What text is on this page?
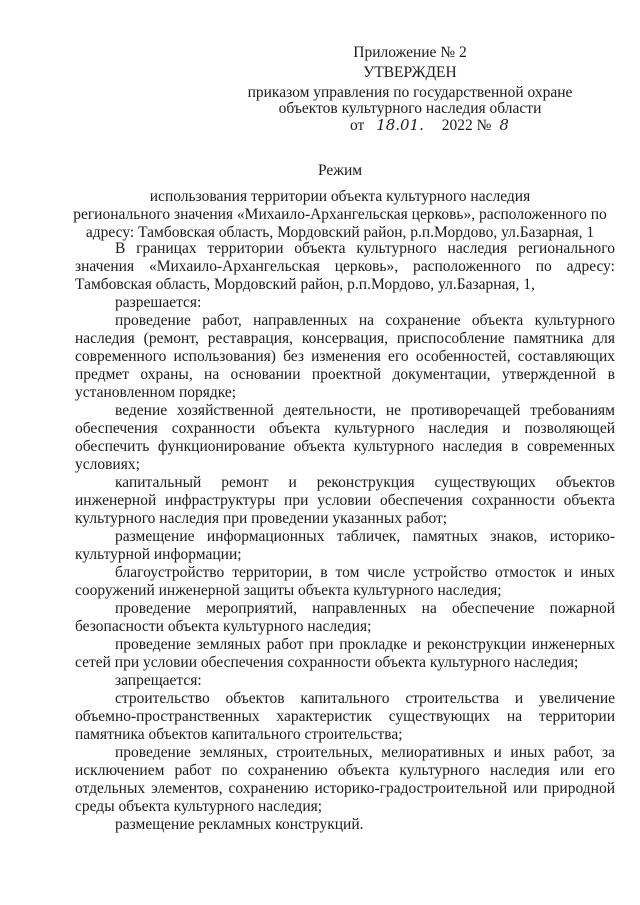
Приложение № 2
УТВЕРЖДЕН
приказом управления по государственной охране
объектов культурного наследия области
от 18.01. 2022 № 8
Режим
использования территории объекта культурного наследия
регионального значения «Михаило-Архангельская церковь», расположенного по
адресу: Тамбовская область, Мордовский район, р.п.Мордово, ул.Базарная, 1

В границах территории объекта культурного наследия регионального значения «Михаило-Архангельская церковь», расположенного по адресу: Тамбовская область, Мордовский район, р.п.Мордово, ул.Базарная, 1,

разрешается:

проведение работ, направленных на сохранение объекта культурного наследия (ремонт, реставрация, консервация, приспособление памятника для современного использования) без изменения его особенностей, составляющих предмет охраны, на основании проектной документации, утвержденной в установленном порядке;

ведение хозяйственной деятельности, не противоречащей требованиям обеспечения сохранности объекта культурного наследия и позволяющей обеспечить функционирование объекта культурного наследия в современных условиях;

капитальный ремонт и реконструкция существующих объектов инженерной инфраструктуры при условии обеспечения сохранности объекта культурного наследия при проведении указанных работ;

размещение информационных табличек, памятных знаков, историко-культурной информации;

благоустройство территории, в том числе устройство отмосток и иных сооружений инженерной защиты объекта культурного наследия;

проведение мероприятий, направленных на обеспечение пожарной безопасности объекта культурного наследия;

проведение земляных работ при прокладке и реконструкции инженерных сетей при условии обеспечения сохранности объекта культурного наследия;

запрещается:

строительство объектов капитального строительства и увеличение объемно-пространственных характеристик существующих на территории памятника объектов капитального строительства;

проведение земляных, строительных, мелиоративных и иных работ, за исключением работ по сохранению объекта культурного наследия или его отдельных элементов, сохранению историко-градостроительной или природной среды объекта культурного наследия;

размещение рекламных конструкций.
